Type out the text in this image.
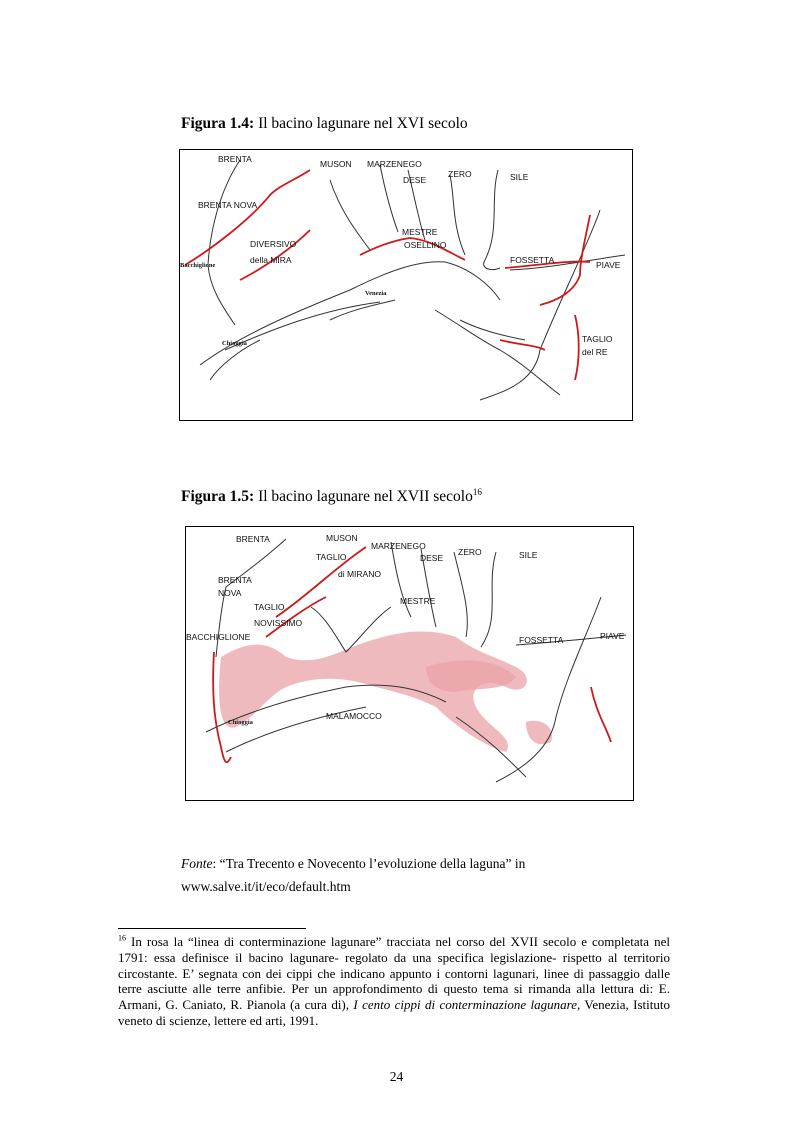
Figura 1.4: Il bacino lagunare nel XVI secolo
BRENTA	MUSON MARZENEGO
DESE
ZERO	SILE
BRENTA NOVA
DIVERSIVO
della MIRA
MESTRE
OSELLINO
FOSSETTA	PIAVE
Bacchiglione
Venezia
Chioggia	TAGLIO
del RE
Figura 1.5: Il bacino lagunare nel XVII secolo$^{16}$
BRENTA	MUSON
TAGLIO
di MIRANO
MARZENEGO
DESE
ZERO	SILE
BRENTA
NOVA
TAGLIO
NOVISSIMO
MESTRE
BACCHIGLIONE	FOSSETTA	PIAVE
MALAMOCCO
Chioggia
Fonte: “Tra Trecento e Novecento l’evoluzione della laguna” in
www.salve.it/it/eco/default.htm
$^{16}$ In rosa la “linea di conterminazione lagunare” tracciata nel corso del XVII secolo e completata nel 1791: essa definisce il bacino lagunare- regolato da una specifica legislazione- rispetto al territorio circostante. E’ segnata con dei cippi che indicano appunto i contorni lagunari, linee di passaggio dalle terre asciutte alle terre anfibie. Per un approfondimento di questo tema si rimanda alla lettura di: E. Armani, G. Caniato, R. Pianola (a cura di), I cento cippi di conterminazione lagunare, Venezia, Istituto veneto di scienze, lettere ed arti, 1991.
24
